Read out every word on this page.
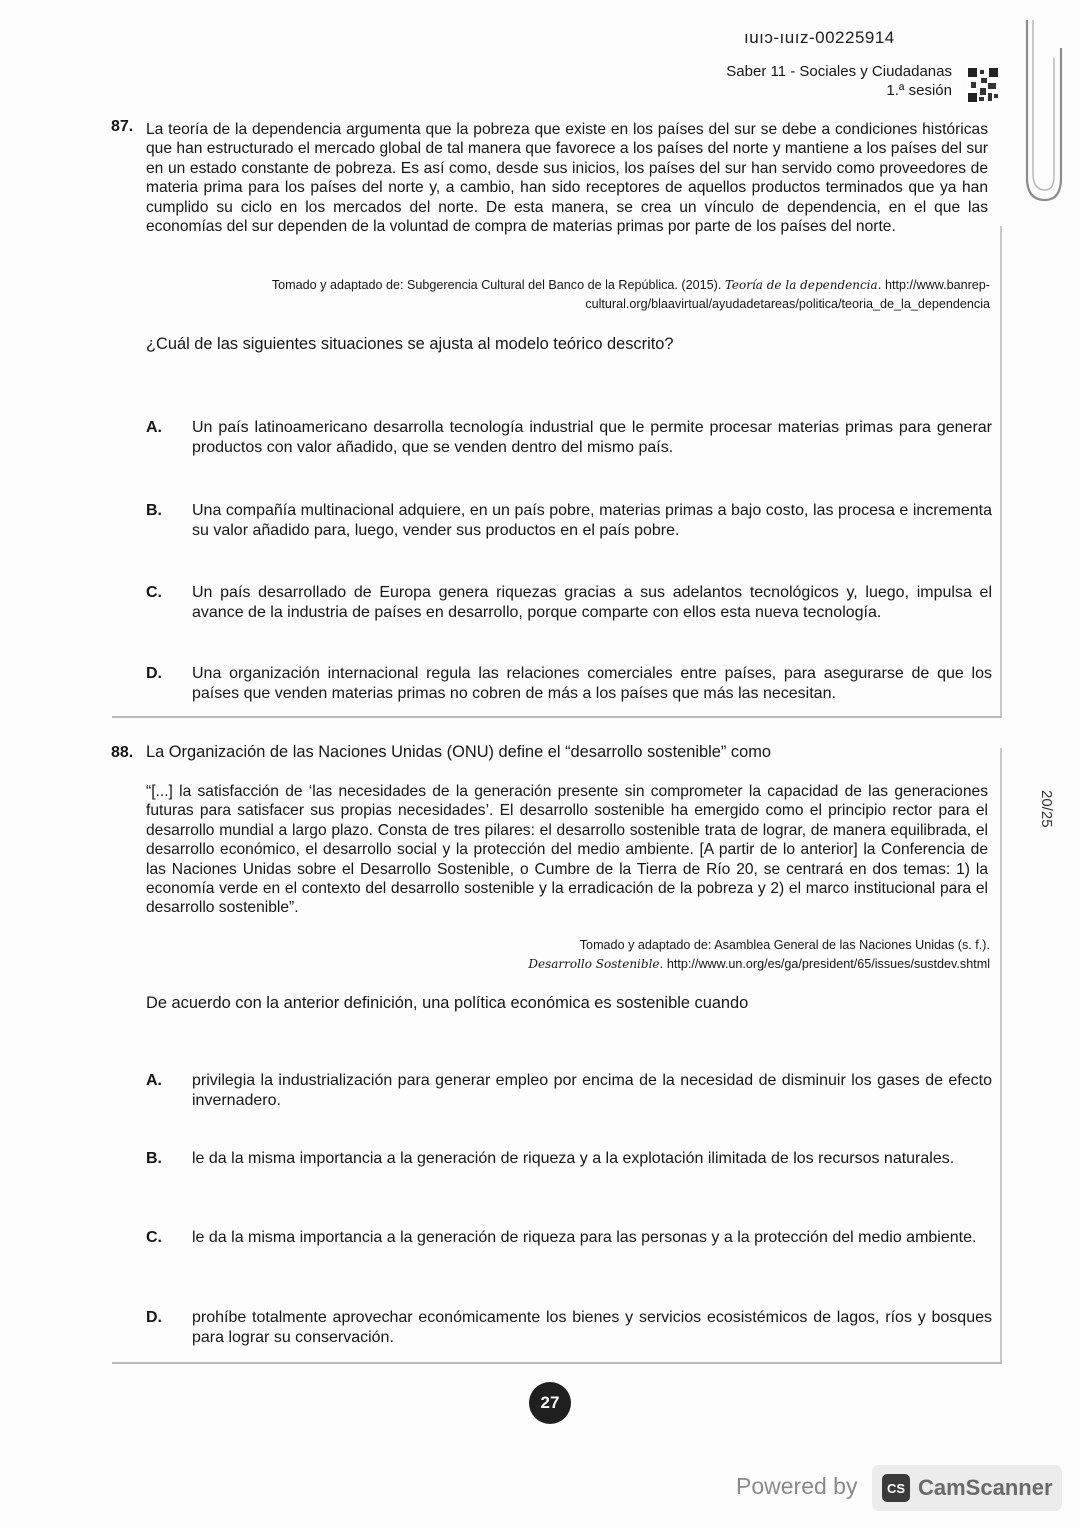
ıuıɔ-ıuız-00225914
Saber 11 - Sociales y Ciudadanas
1.ª sesión
87. La teoría de la dependencia argumenta que la pobreza que existe en los países del sur se debe a condiciones históricas que han estructurado el mercado global de tal manera que favorece a los países del norte y mantiene a los países del sur en un estado constante de pobreza. Es así como, desde sus inicios, los países del sur han servido como proveedores de materia prima para los países del norte y, a cambio, han sido receptores de aquellos productos terminados que ya han cumplido su ciclo en los mercados del norte. De esta manera, se crea un vínculo de dependencia, en el que las economías del sur dependen de la voluntad de compra de materias primas por parte de los países del norte.
Tomado y adaptado de: Subgerencia Cultural del Banco de la República. (2015). Teoría de la dependencia. http://www.banrep-
cultural.org/blaavirtual/ayudadetareas/politica/teoria_de_la_dependencia
¿Cuál de las siguientes situaciones se ajusta al modelo teórico descrito?
A.	Un país latinoamericano desarrolla tecnología industrial que le permite procesar materias primas para generar productos con valor añadido, que se venden dentro del mismo país.
B.	Una compañía multinacional adquiere, en un país pobre, materias primas a bajo costo, las procesa e incrementa su valor añadido para, luego, vender sus productos en el país pobre.
C.	Un país desarrollado de Europa genera riquezas gracias a sus adelantos tecnológicos y, luego, impulsa el avance de la industria de países en desarrollo, porque comparte con ellos esta nueva tecnología.
D.	Una organización internacional regula las relaciones comerciales entre países, para asegurarse de que los países que venden materias primas no cobren de más a los países que más las necesitan.
88. La Organización de las Naciones Unidas (ONU) define el “desarrollo sostenible” como
“[...] la satisfacción de ‘las necesidades de la generación presente sin comprometer la capacidad de las generaciones futuras para satisfacer sus propias necesidades’. El desarrollo sostenible ha emergido como el principio rector para el desarrollo mundial a largo plazo. Consta de tres pilares: el desarrollo sostenible trata de lograr, de manera equilibrada, el desarrollo económico, el desarrollo social y la protección del medio ambiente. [A partir de lo anterior] la Conferencia de las Naciones Unidas sobre el Desarrollo Sostenible, o Cumbre de la Tierra de Río 20, se centrará en dos temas: 1) la economía verde en el contexto del desarrollo sostenible y la erradicación de la pobreza y 2) el marco institucional para el desarrollo sostenible”.
Tomado y adaptado de: Asamblea General de las Naciones Unidas (s. f.).
Desarrollo Sostenible. http://www.un.org/es/ga/president/65/issues/sustdev.shtml
De acuerdo con la anterior definición, una política económica es sostenible cuando
A.	privilegia la industrialización para generar empleo por encima de la necesidad de disminuir los gases de efecto invernadero.
B.	le da la misma importancia a la generación de riqueza y a la explotación ilimitada de los recursos naturales.
C.	le da la misma importancia a la generación de riqueza para las personas y a la protección del medio ambiente.
D.	prohíbe totalmente aprovechar económicamente los bienes y servicios ecosistémicos de lagos, ríos y bosques para lograr su conservación.
20/25
27
Powered by	CS CamScanner
